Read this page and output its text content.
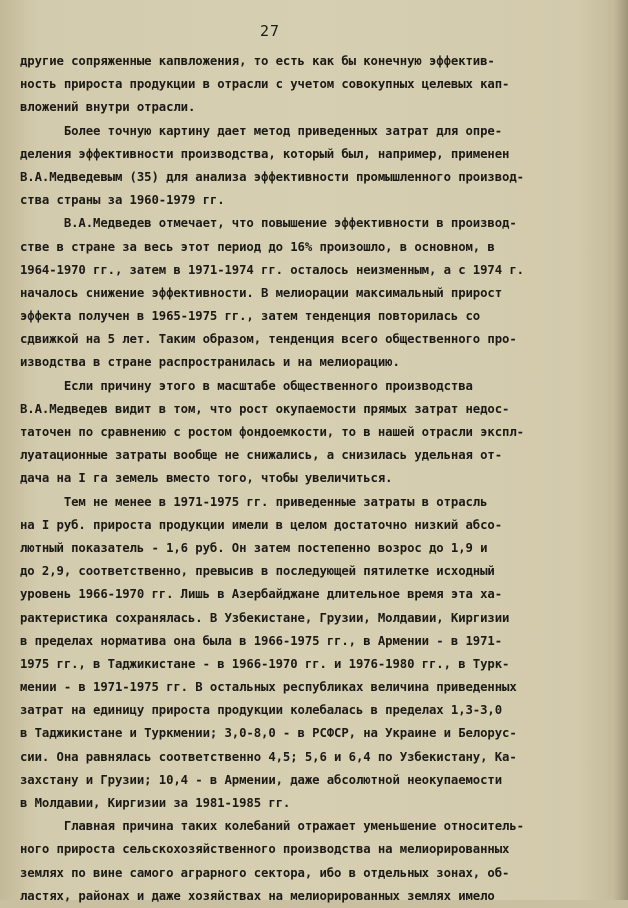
27
другие сопряженные капвложения, то есть как бы конечную эффектив-
ность прироста продукции в отрасли с учетом совокупных целевых кап-
вложений внутри отрасли.
Более точную картину дает метод приведенных затрат для опре-
деления эффективности производства, который был, например, применен
В.А.Медведевым (35) для анализа эффективности промышленного производ-
ства страны за 1960-1979 гг.
В.А.Медведев отмечает, что повышение эффективности в производ-
стве в стране за весь этот период до 16% произошло, в основном, в
1964-1970 гг., затем в 1971-1974 гг. осталось неизменным, а с 1974 г.
началось снижение эффективности. В мелиорации максимальный прирост
эффекта получен в 1965-1975 гг., затем тенденция повторилась со
сдвижкой на 5 лет. Таким образом, тенденция всего общественного про-
изводства в стране распространилась и на мелиорацию.
Если причину этого в масштабе общественного производства
В.А.Медведев видит в том, что рост окупаемости прямых затрат недос-
таточен по сравнению с ростом фондоемкости, то в нашей отрасли экспл-
луатационные затраты вообще не снижались, а снизилась удельная от-
дача на I га земель вместо того, чтобы увеличиться.
Тем не менее в 1971-1975 гг. приведенные затраты в отрасль
на I руб. прироста продукции имели в целом достаточно низкий абсо-
лютный показатель - 1,6 руб. Он затем постепенно возрос до 1,9 и
до 2,9, соответственно, превысив в последующей пятилетке исходный
уровень 1966-1970 гг. Лишь в Азербайджане длительное время эта ха-
рактеристика сохранялась. В Узбекистане, Грузии, Молдавии, Киргизии
в пределах норматива она была в 1966-1975 гг., в Армении - в 1971-
1975 гг., в Таджикистане - в 1966-1970 гг. и 1976-1980 гг., в Турк-
мении - в 1971-1975 гг. В остальных республиках величина приведенных
затрат на единицу прироста продукции колебалась в пределах 1,3-3,0
в Таджикистане и Туркмении; 3,0-8,0 - в РСФСР, на Украине и Белорус-
сии. Она равнялась соответственно 4,5; 5,6 и 6,4 по Узбекистану, Ка-
захстану и Грузии; 10,4 - в Армении, даже абсолютной неокупаемости
в Молдавии, Киргизии за 1981-1985 гг.
Главная причина таких колебаний отражает уменьшение относитель-
ного прироста сельскохозяйственного производства на мелиорированных
землях по вине самого аграрного сектора, ибо в отдельных зонах, об-
ластях, районах и даже хозяйствах на мелиорированных землях имело
